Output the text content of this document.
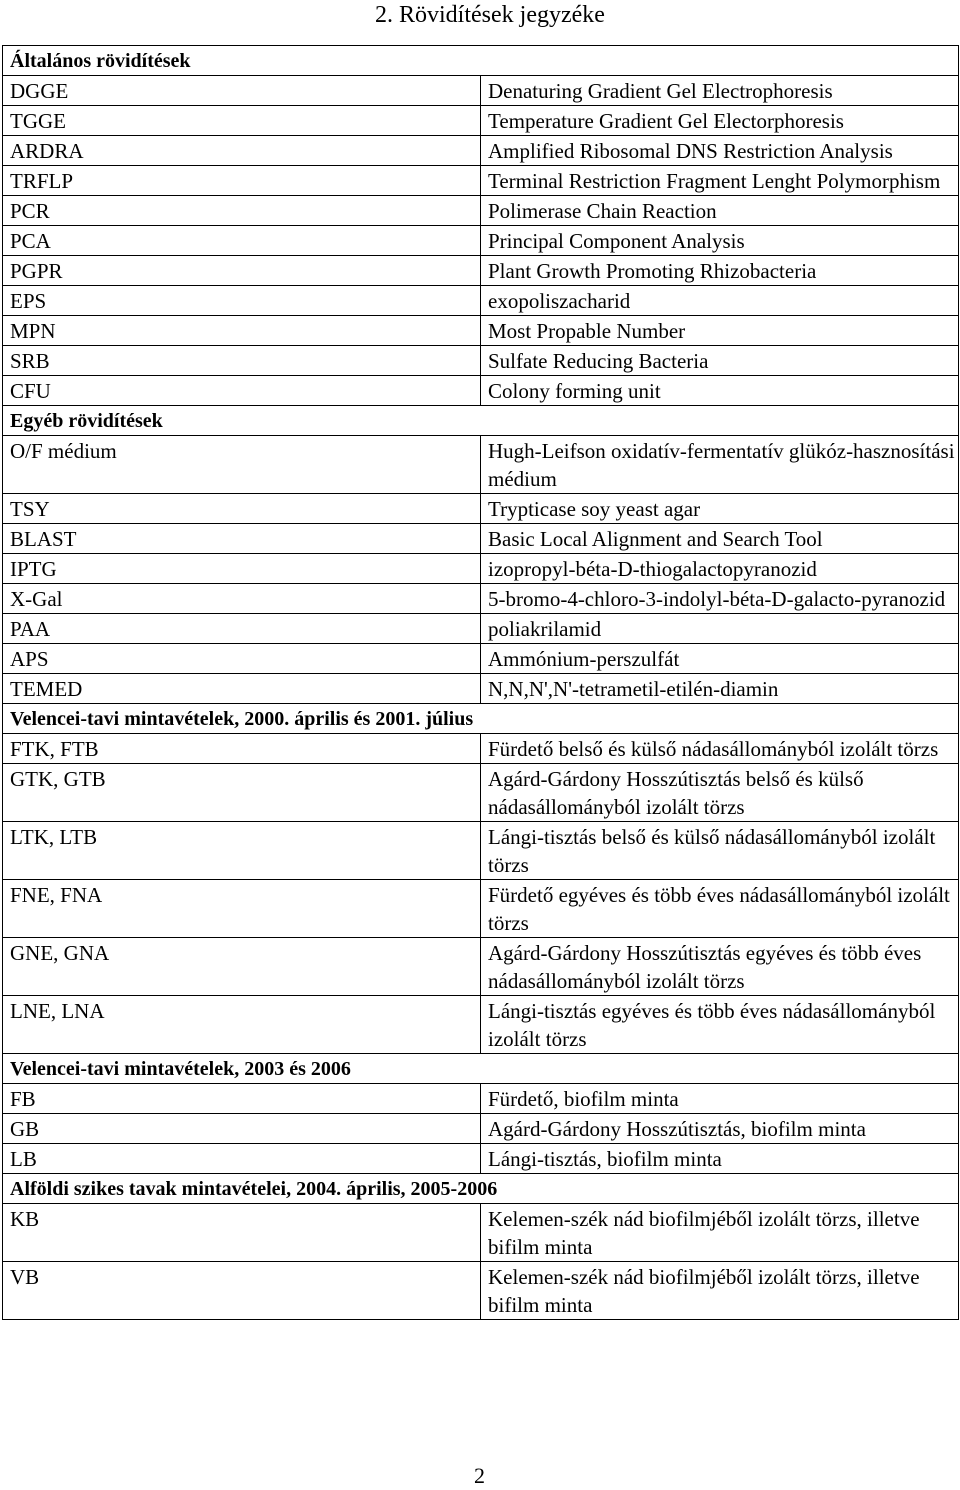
2. Rövidítések jegyzéke
Általános rövidítések	
DGGE	Denaturing Gradient Gel Electrophoresis
TGGE	Temperature Gradient Gel Electorphoresis
ARDRA	Amplified Ribosomal DNS Restriction Analysis
TRFLP	Terminal Restriction Fragment Lenght Polymorphism
PCR	Polimerase Chain Reaction
PCA	Principal Component Analysis
PGPR	Plant Growth Promoting Rhizobacteria
EPS	exopoliszacharid
MPN	Most Propable Number
SRB	Sulfate Reducing Bacteria
CFU	Colony forming unit
Egyéb rövidítések	
O/F médium	Hugh-Leifson oxidatív-fermentatív glükóz-hasznosítási médium
TSY	Trypticase soy yeast agar
BLAST	Basic Local Alignment and Search Tool
IPTG	izopropyl-béta-D-thiogalactopyranozid
X-Gal	5-bromo-4-chloro-3-indolyl-béta-D-galacto-pyranozid
PAA	poliakrilamid
APS	Ammónium-perszulfát
TEMED	N,N,N',N'-tetrametil-etilén-diamin
Velencei-tavi mintavételek, 2000. április és 2001. július	
FTK, FTB	Fürdető belső és külső nádasállományból izolált törzs
GTK, GTB	Agárd-Gárdony Hosszútisztás belső és külső nádasállományból izolált törzs
LTK, LTB	Lángi-tisztás belső és külső nádasállományból izolált törzs
FNE, FNA	Fürdető egyéves és több éves nádasállományból izolált törzs
GNE, GNA	Agárd-Gárdony Hosszútisztás egyéves és több éves nádasállományból izolált törzs
LNE, LNA	Lángi-tisztás egyéves és több éves nádasállományból izolált törzs
Velencei-tavi mintavételek, 2003 és 2006	
FB	Fürdető, biofilm minta
GB	Agárd-Gárdony Hosszútisztás, biofilm minta
LB	Lángi-tisztás, biofilm minta
Alföldi szikes tavak mintavételei, 2004. április, 2005-2006	
KB	Kelemen-szék nád biofilmjéből izolált törzs, illetve bifilm minta
VB	Kelemen-szék nád biofilmjéből izolált törzs, illetve bifilm minta
2
